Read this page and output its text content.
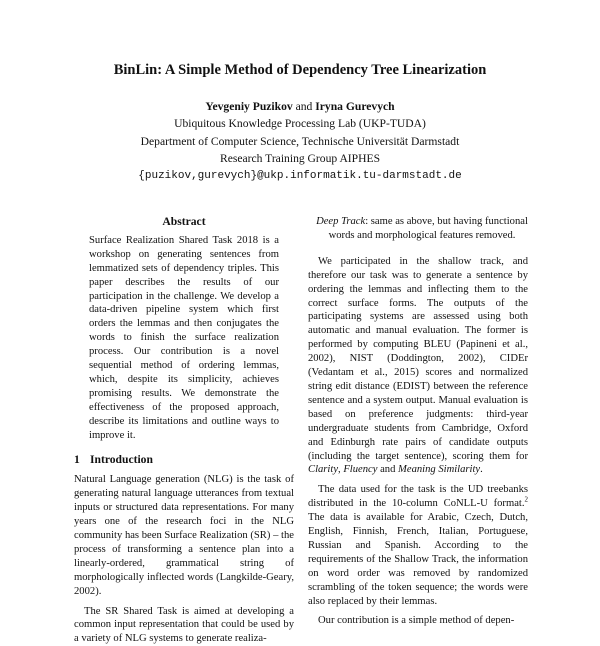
BinLin: A Simple Method of Dependency Tree Linearization
Yevgeniy Puzikov and Iryna Gurevych
Ubiquitous Knowledge Processing Lab (UKP-TUDA)
Department of Computer Science, Technische Universität Darmstadt
Research Training Group AIPHES
{puzikov,gurevych}@ukp.informatik.tu-darmstadt.de
Abstract

Surface Realization Shared Task 2018 is a workshop on generating sentences from lemmatized sets of dependency triples. This paper describes the results of our participation in the challenge. We develop a data-driven pipeline system which first orders the lemmas and then conjugates the words to finish the surface realization process. Our contribution is a novel sequential method of ordering lemmas, which, despite its simplicity, achieves promising results. We demonstrate the effectiveness of the proposed approach, describe its limitations and outline ways to improve it.

1 Introduction

Natural Language generation (NLG) is the task of generating natural language utterances from textual inputs or structured data representations. For many years one of the research foci in the NLG community has been Surface Realization (SR) – the process of transforming a sentence plan into a linearly-ordered, grammatical string of morphologically inflected words (Langkilde-Geary, 2002).

The SR Shared Task is aimed at developing a common input representation that could be used by a variety of NLG systems to generate realiza-

Deep Track: same as above, but having functional words and morphological features removed.

We participated in the shallow track, and therefore our task was to generate a sentence by ordering the lemmas and inflecting them to the correct surface forms. The outputs of the participating systems are assessed using both automatic and manual evaluation. The former is performed by computing BLEU (Papineni et al., 2002), NIST (Doddington, 2002), CIDEr (Vedantam et al., 2015) scores and normalized string edit distance (EDIST) between the reference sentence and a system output. Manual evaluation is based on preference judgments: third-year undergraduate students from Cambridge, Oxford and Edinburgh rate pairs of candidate outputs (including the target sentence), scoring them for Clarity, Fluency and Meaning Similarity.

The data used for the task is the UD treebanks distributed in the 10-column CoNLL-U format.$^2$ The data is available for Arabic, Czech, Dutch, English, Finnish, French, Italian, Portuguese, Russian and Spanish. According to the requirements of the Shallow Track, the information on word order was removed by randomized scrambling of the token sequence; the words were also replaced by their lemmas.

Our contribution is a simple method of depen-
